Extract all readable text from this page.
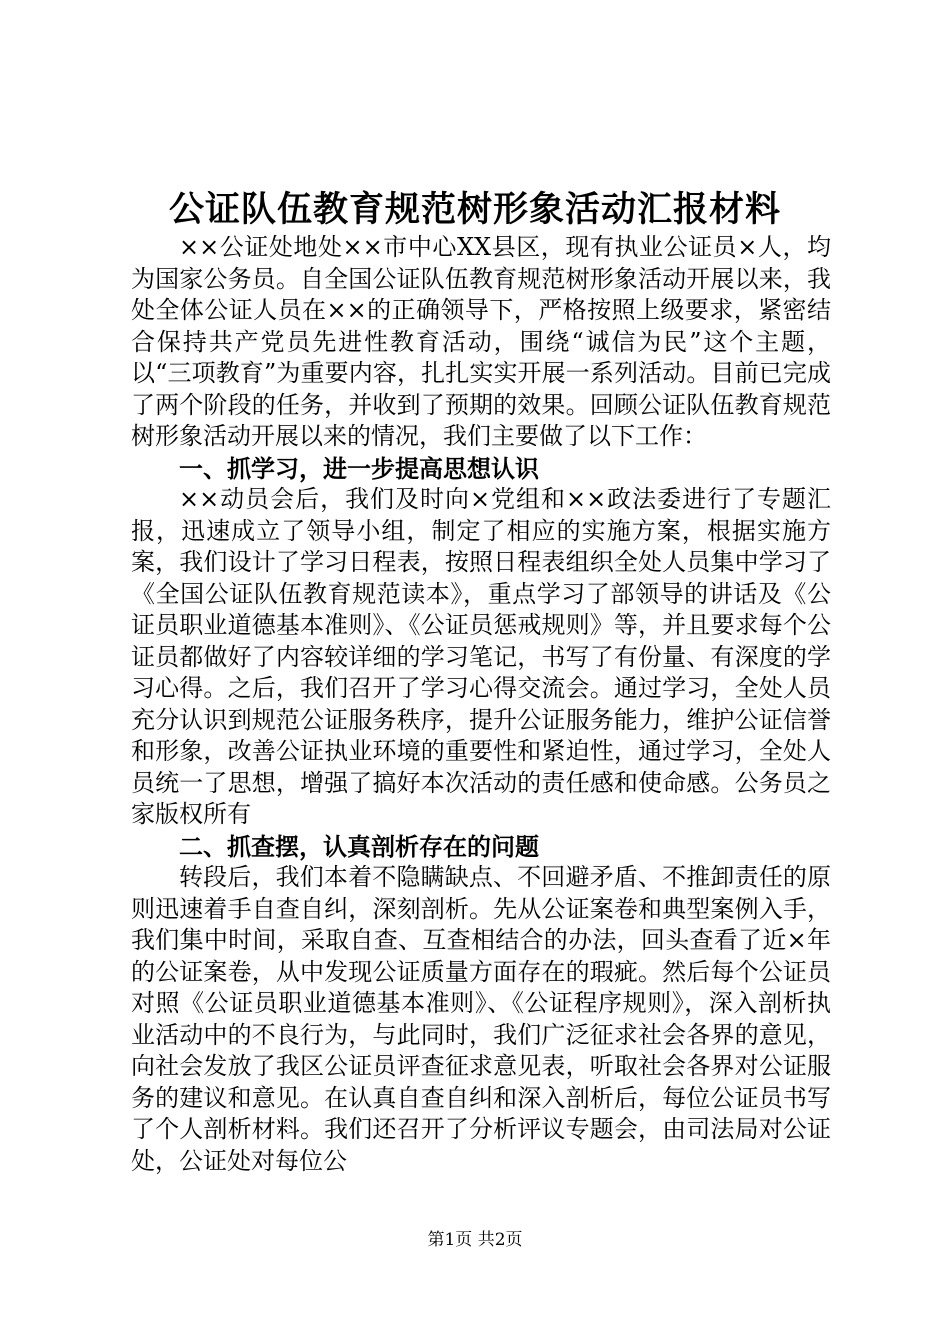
公证队伍教育规范树形象活动汇报材料

××公证处地处××市中心XX县区，现有执业公证员×人，均为国家公务员。自全国公证队伍教育规范树形象活动开展以来，我处全体公证人员在××的正确领导下，严格按照上级要求，紧密结合保持共产党员先进性教育活动，围绕“诚信为民”这个主题，以“三项教育”为重要内容，扎扎实实开展一系列活动。目前已完成了两个阶段的任务，并收到了预期的效果。回顾公证队伍教育规范树形象活动开展以来的情况，我们主要做了以下工作：

一、抓学习，进一步提高思想认识

××动员会后，我们及时向×党组和××政法委进行了专题汇报，迅速成立了领导小组，制定了相应的实施方案，根据实施方案，我们设计了学习日程表，按照日程表组织全处人员集中学习了《全国公证队伍教育规范读本》，重点学习了部领导的讲话及《公证员职业道德基本准则》、《公证员惩戒规则》等，并且要求每个公证员都做好了内容较详细的学习笔记，书写了有份量、有深度的学习心得。之后，我们召开了学习心得交流会。通过学习，全处人员充分认识到规范公证服务秩序，提升公证服务能力，维护公证信誉和形象，改善公证执业环境的重要性和紧迫性，通过学习，全处人员统一了思想，增强了搞好本次活动的责任感和使命感。公务员之家版权所有

二、抓查摆，认真剖析存在的问题

转段后，我们本着不隐瞒缺点、不回避矛盾、不推卸责任的原则迅速着手自查自纠，深刻剖析。先从公证案卷和典型案例入手，我们集中时间，采取自查、互查相结合的办法，回头查看了近×年的公证案卷，从中发现公证质量方面存在的瑕疵。然后每个公证员对照《公证员职业道德基本准则》、《公证程序规则》，深入剖析执业活动中的不良行为，与此同时，我们广泛征求社会各界的意见，向社会发放了我区公证员评查征求意见表，听取社会各界对公证服务的建议和意见。在认真自查自纠和深入剖析后，每位公证员书写了个人剖析材料。我们还召开了分析评议专题会，由司法局对公证处，公证处对每位公

第1页 共2页
